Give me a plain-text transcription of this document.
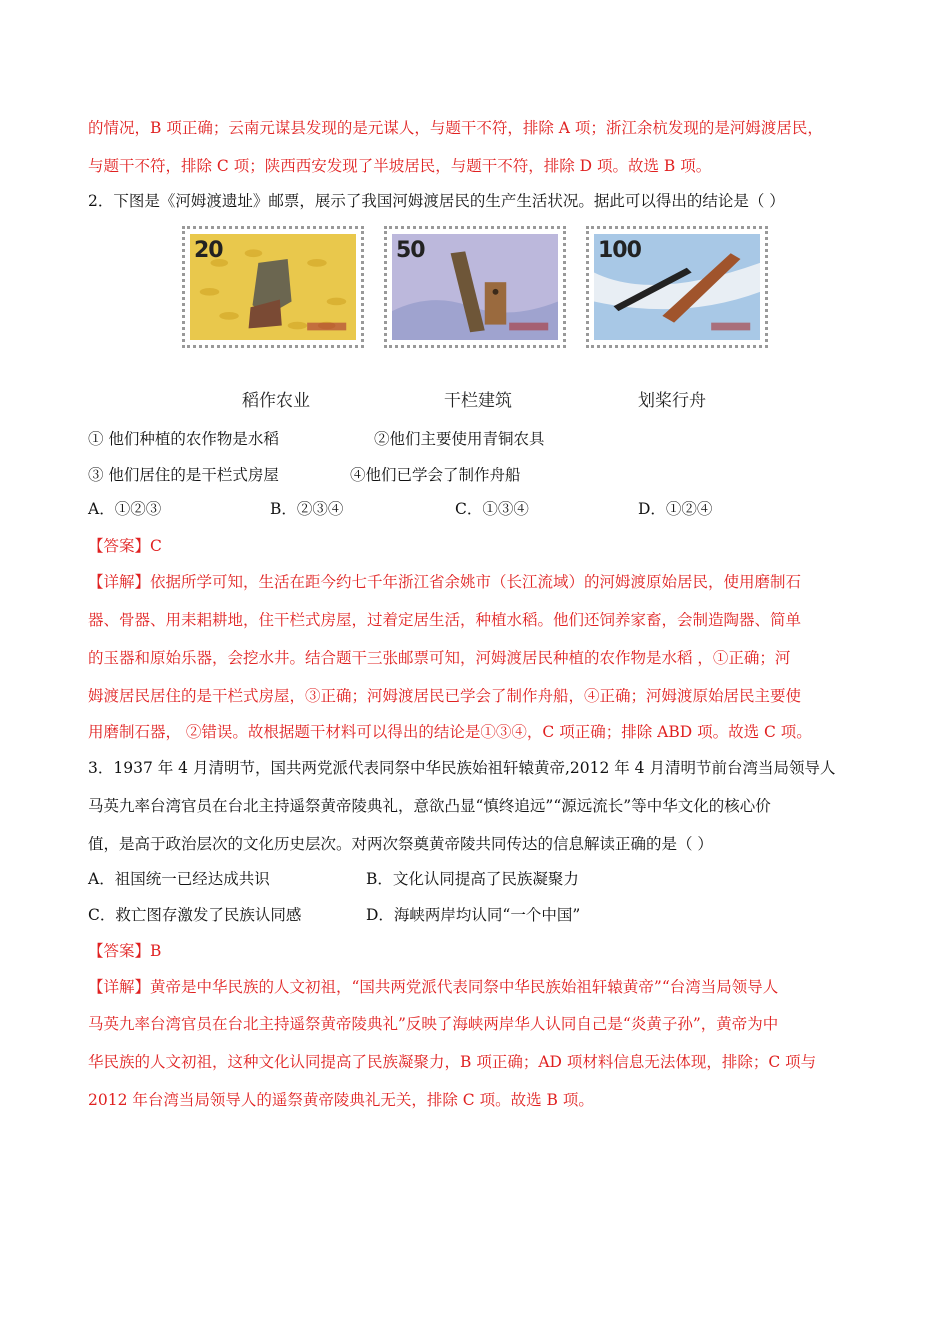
的情况，B 项正确；云南元谋县发现的是元谋人，与题干不符，排除 A 项；浙江余杭发现的是河姆渡居民，
与题干不符，排除 C 项；陕西西安发现了半坡居民，与题干不符，排除 D 项。故选 B 项。
2．下图是《河姆渡遗址》邮票，展示了我国河姆渡居民的生产生活状况。据此可以得出的结论是（ ）
20	50	100
稻作农业	干栏建筑	划桨行舟
① 他们种植的农作物是水稻	②他们主要使用青铜农具
③ 他们居住的是干栏式房屋	④他们已学会了制作舟船
A．①②③	B．②③④	C．①③④	D．①②④
【答案】C
【详解】依据所学可知，生活在距今约七千年浙江省余姚市（长江流域）的河姆渡原始居民，使用磨制石
器、骨器、用耒耜耕地，住干栏式房屋，过着定居生活，种植水稻。他们还饲养家畜，会制造陶器、简单
的玉器和原始乐器，会挖水井。结合题干三张邮票可知，河姆渡居民种植的农作物是水稻 ，①正确；河
姆渡居民居住的是干栏式房屋，③正确；河姆渡居民已学会了制作舟船，④正确；河姆渡原始居民主要使
用磨制石器， ②错误。故根据题干材料可以得出的结论是①③④，C 项正确；排除 ABD 项。故选 C 项。
3．1937 年 4 月清明节，国共两党派代表同祭中华民族始祖轩辕黄帝,2012 年 4 月清明节前台湾当局领导人
马英九率台湾官员在台北主持遥祭黄帝陵典礼，意欲凸显“慎终追远”“源远流长”等中华文化的核心价
值，是高于政治层次的文化历史层次。对两次祭奠黄帝陵共同传达的信息解读正确的是（ ）
A．祖国统一已经达成共识	B．文化认同提高了民族凝聚力
C．救亡图存激发了民族认同感	D．海峡两岸均认同“一个中国”
【答案】B
【详解】黄帝是中华民族的人文初祖，“国共两党派代表同祭中华民族始祖轩辕黄帝”“台湾当局领导人
马英九率台湾官员在台北主持遥祭黄帝陵典礼”反映了海峡两岸华人认同自己是“炎黄子孙”，黄帝为中
华民族的人文初祖，这种文化认同提高了民族凝聚力，B 项正确；AD 项材料信息无法体现，排除；C 项与
2012 年台湾当局领导人的遥祭黄帝陵典礼无关，排除 C 项。故选 B 项。
